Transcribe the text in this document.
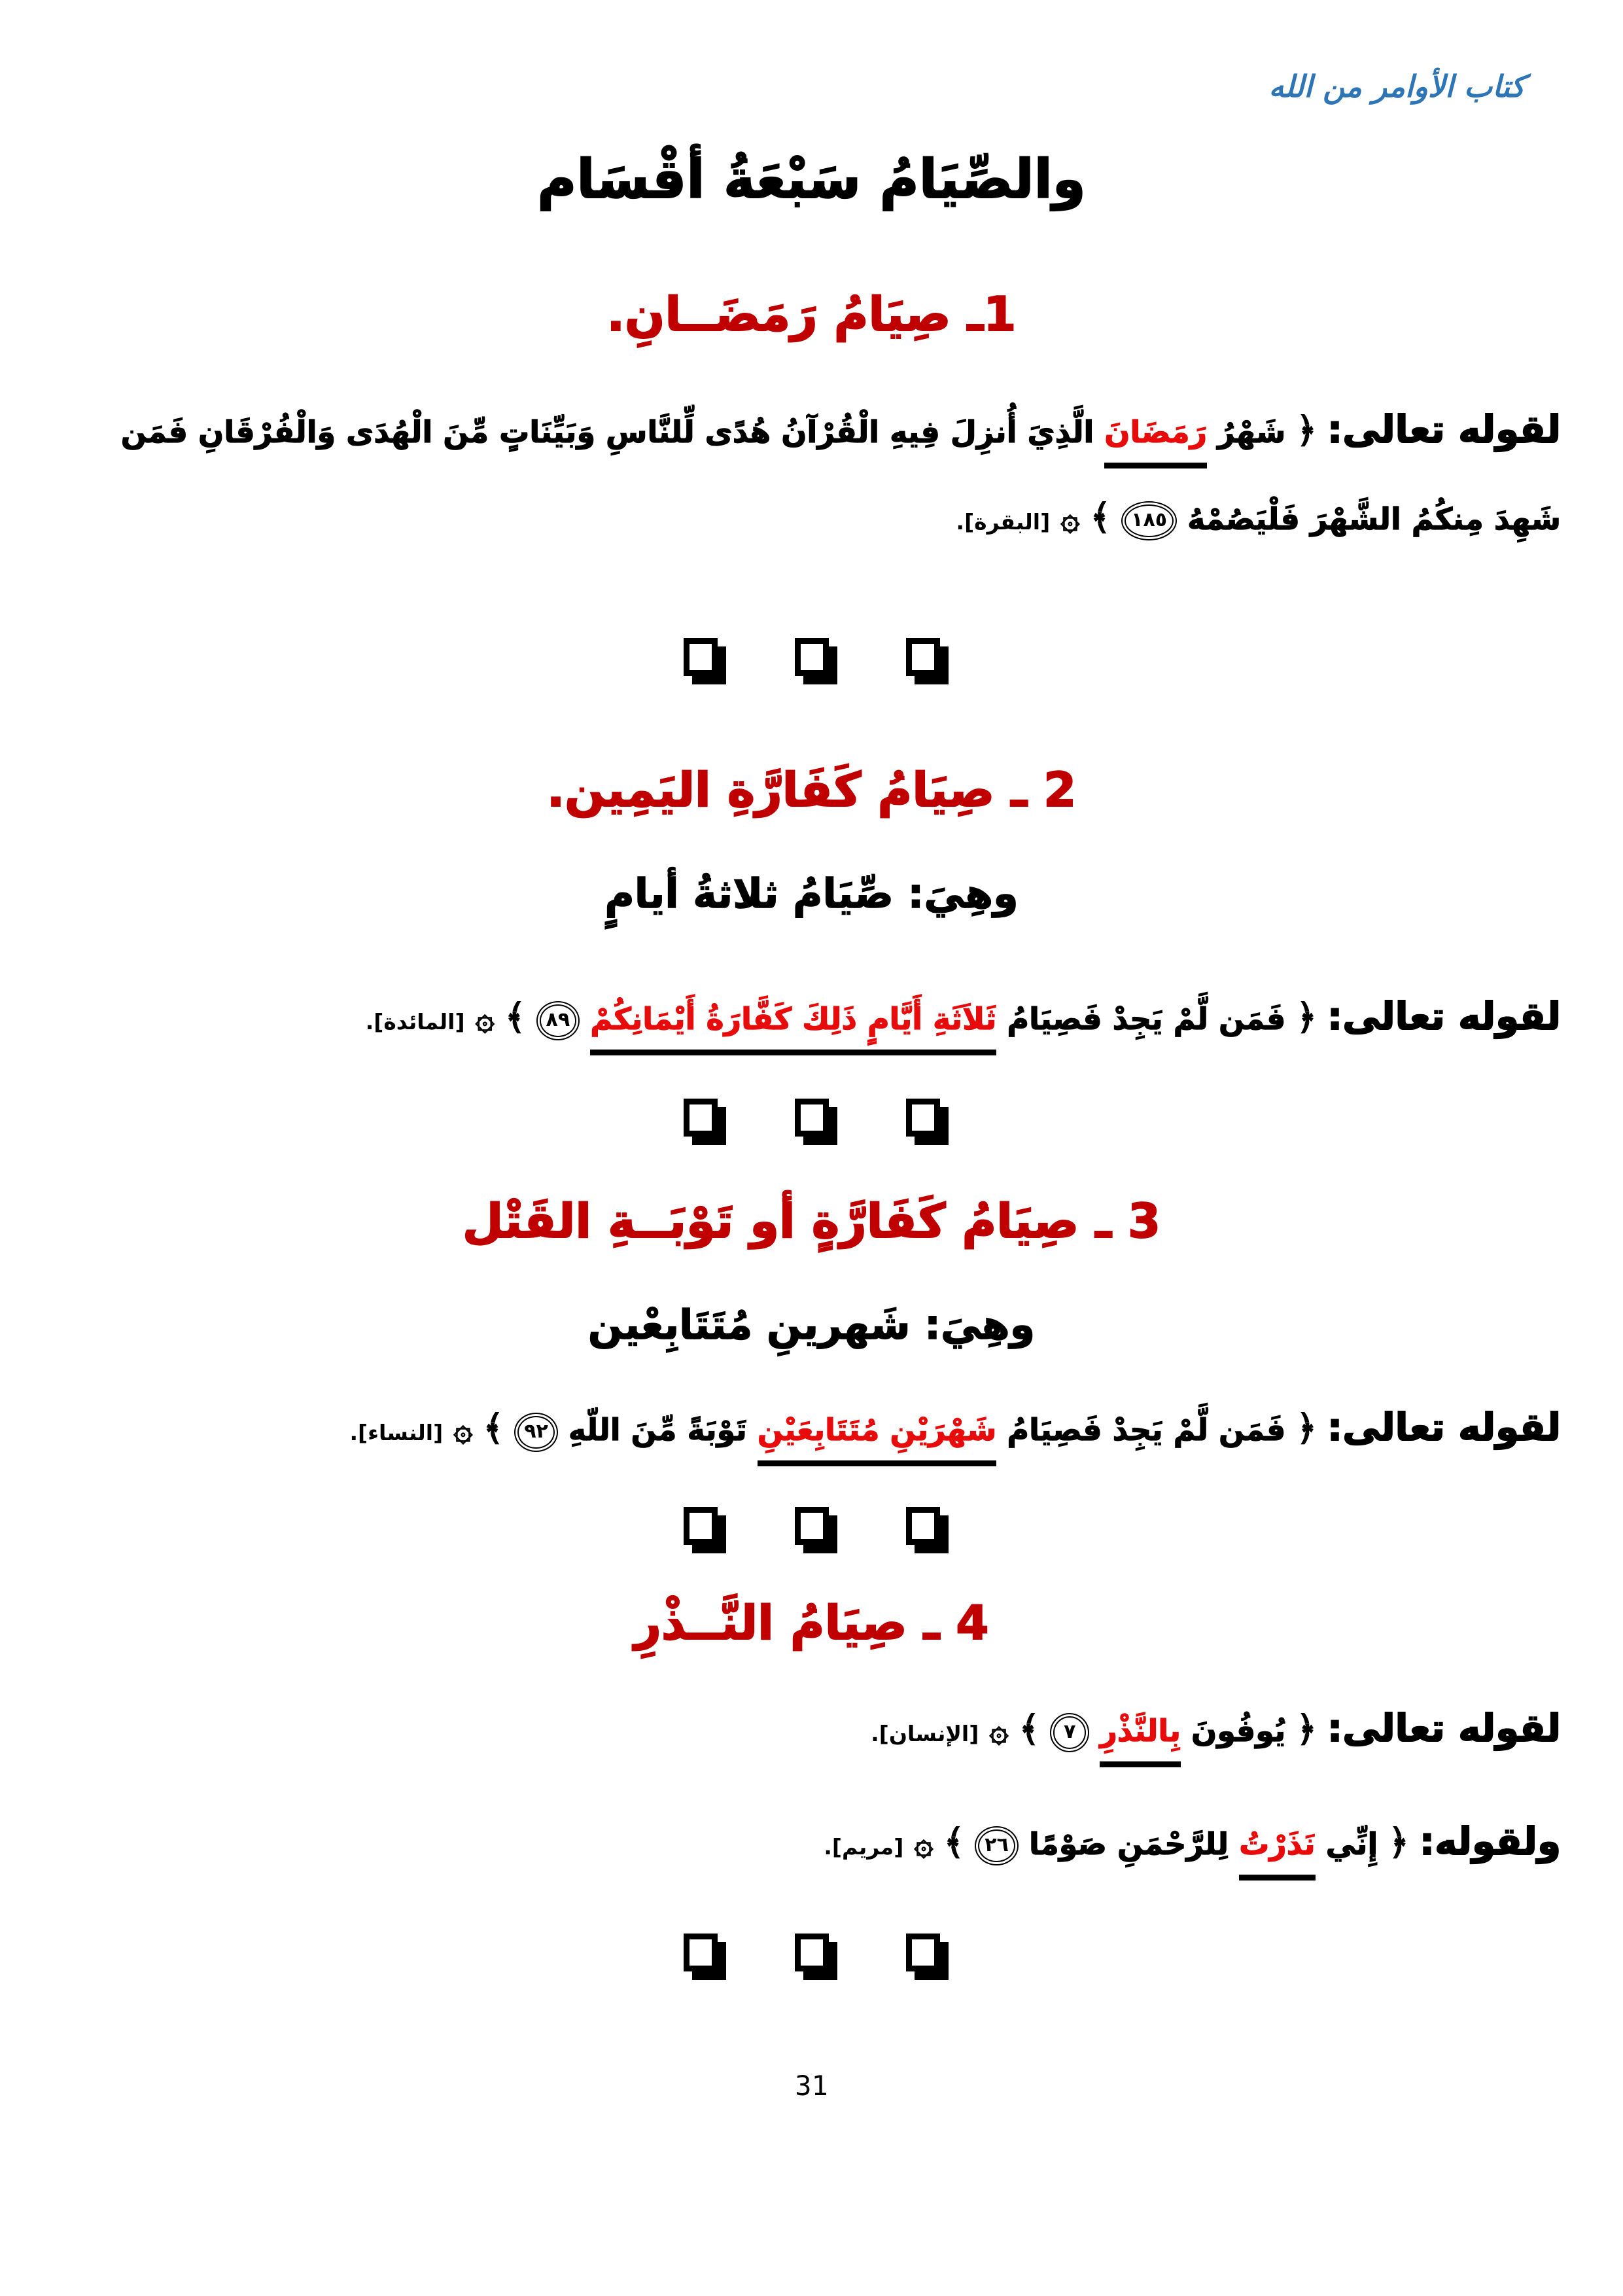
كتاب الأوامر من الله
والصِّيَامُ سَبْعَةُ أقْسَام
1ـ صِيَامُ رَمَضَــانِ.

لقوله تعالى: ﴿ شَهْرُ رَمَضَانَ الَّذِيَ أُنزِلَ فِيهِ الْقُرْآنُ هُدًى لِّلنَّاسِ وَبَيِّنَاتٍ مِّنَ الْهُدَى وَالْفُرْقَانِ فَمَن شَهِدَ مِنكُمُ الشَّهْرَ فَلْيَصُمْهُ ١٨٥ ﴾ ۞ [البقرة].

2 ـ صِيَامُ كَفَارَّةِ اليَمِين.

وهِيَ: صِّيَامُ ثلاثةُ أيامٍ

لقوله تعالى: ﴿ فَمَن لَّمْ يَجِدْ فَصِيَامُ ثَلاَثَةِ أَيَّامٍ ذَلِكَ كَفَّارَةُ أَيْمَانِكُمْ ٨٩ ﴾ ۞ [المائدة].

3 ـ صِيَامُ كَفَارَّةٍ أو تَوْبَــةِ القَتْل

وهِيَ: شَهرينِ مُتَتَابِعْين

لقوله تعالى: ﴿ فَمَن لَّمْ يَجِدْ فَصِيَامُ شَهْرَيْنِ مُتَتَابِعَيْنِ تَوْبَةً مِّنَ اللّهِ ٩٢ ﴾ ۞ [النساء].

4 ـ صِيَامُ النَّــذْرِ

لقوله تعالى: ﴿ يُوفُونَ بِالنَّذْرِ ٧ ﴾ ۞ [الإنسان].

ولقوله: ﴿ إِنِّي نَذَرْتُ لِلرَّحْمَنِ صَوْمًا ٢٦ ﴾ ۞ [مريم].

31
